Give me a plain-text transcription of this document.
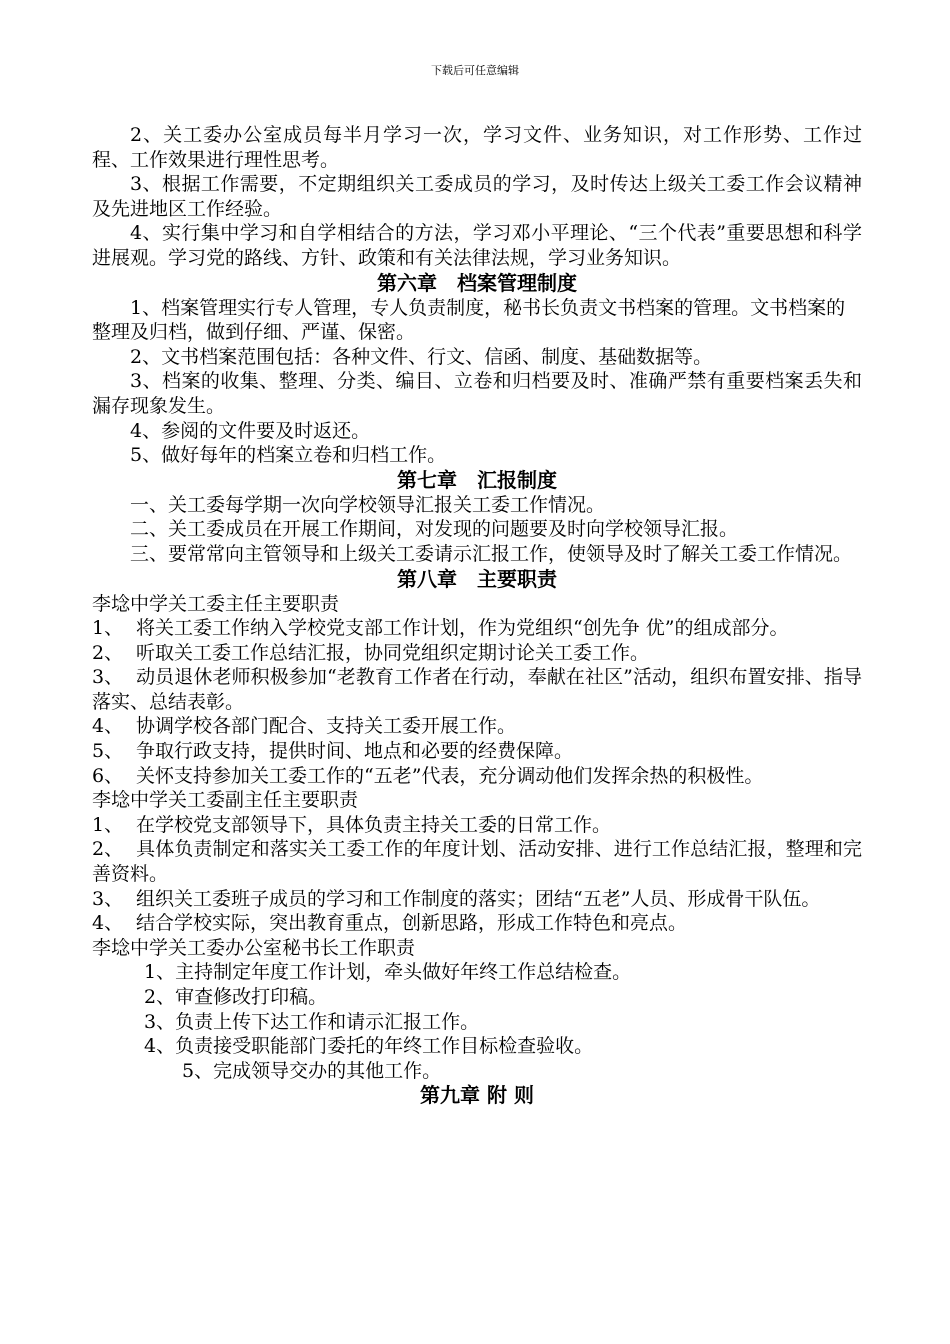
下载后可任意编辑

2、关工委办公室成员每半月学习一次，学习文件、业务知识，对工作形势、工作过程、工作效果进行理性思考。

3、根据工作需要，不定期组织关工委成员的学习，及时传达上级关工委工作会议精神及先进地区工作经验。

4、实行集中学习和自学相结合的方法，学习邓小平理论、“三个代表”重要思想和科学进展观。学习党的路线、方针、政策和有关法律法规，学习业务知识。

第六章　档案管理制度

1、档案管理实行专人管理，专人负责制度，秘书长负责文书档案的管理。文书档案的整理及归档，做到仔细、严谨、保密。

2、文书档案范围包括：各种文件、行文、信函、制度、基础数据等。

3、档案的收集、整理、分类、编目、立卷和归档要及时、准确严禁有重要档案丢失和漏存现象发生。

4、参阅的文件要及时返还。

5、做好每年的档案立卷和归档工作。

第七章　汇报制度

一、关工委每学期一次向学校领导汇报关工委工作情况。

二、关工委成员在开展工作期间，对发现的问题要及时向学校领导汇报。

三、要常常向主管领导和上级关工委请示汇报工作，使领导及时了解关工委工作情况。

第八章　主要职责

李埝中学关工委主任主要职责

1、 将关工委工作纳入学校党支部工作计划，作为党组织“创先争 优”的组成部分。

2、 听取关工委工作总结汇报，协同党组织定期讨论关工委工作。

3、 动员退休老师积极参加“老教育工作者在行动，奉献在社区”活动，组织布置安排、指导落实、总结表彰。

4、 协调学校各部门配合、支持关工委开展工作。

5、 争取行政支持，提供时间、地点和必要的经费保障。

6、 关怀支持参加关工委工作的“五老”代表，充分调动他们发挥余热的积极性。

李埝中学关工委副主任主要职责

1、 在学校党支部领导下，具体负责主持关工委的日常工作。

2、 具体负责制定和落实关工委工作的年度计划、活动安排、进行工作总结汇报，整理和完善资料。

3、 组织关工委班子成员的学习和工作制度的落实；团结“五老”人员、形成骨干队伍。

4、 结合学校实际，突出教育重点，创新思路，形成工作特色和亮点。

李埝中学关工委办公室秘书长工作职责

1、主持制定年度工作计划，牵头做好年终工作总结检查。

2、审查修改打印稿。

3、负责上传下达工作和请示汇报工作。

4、负责接受职能部门委托的年终工作目标检查验收。

5、完成领导交办的其他工作。

第九章 附 则
